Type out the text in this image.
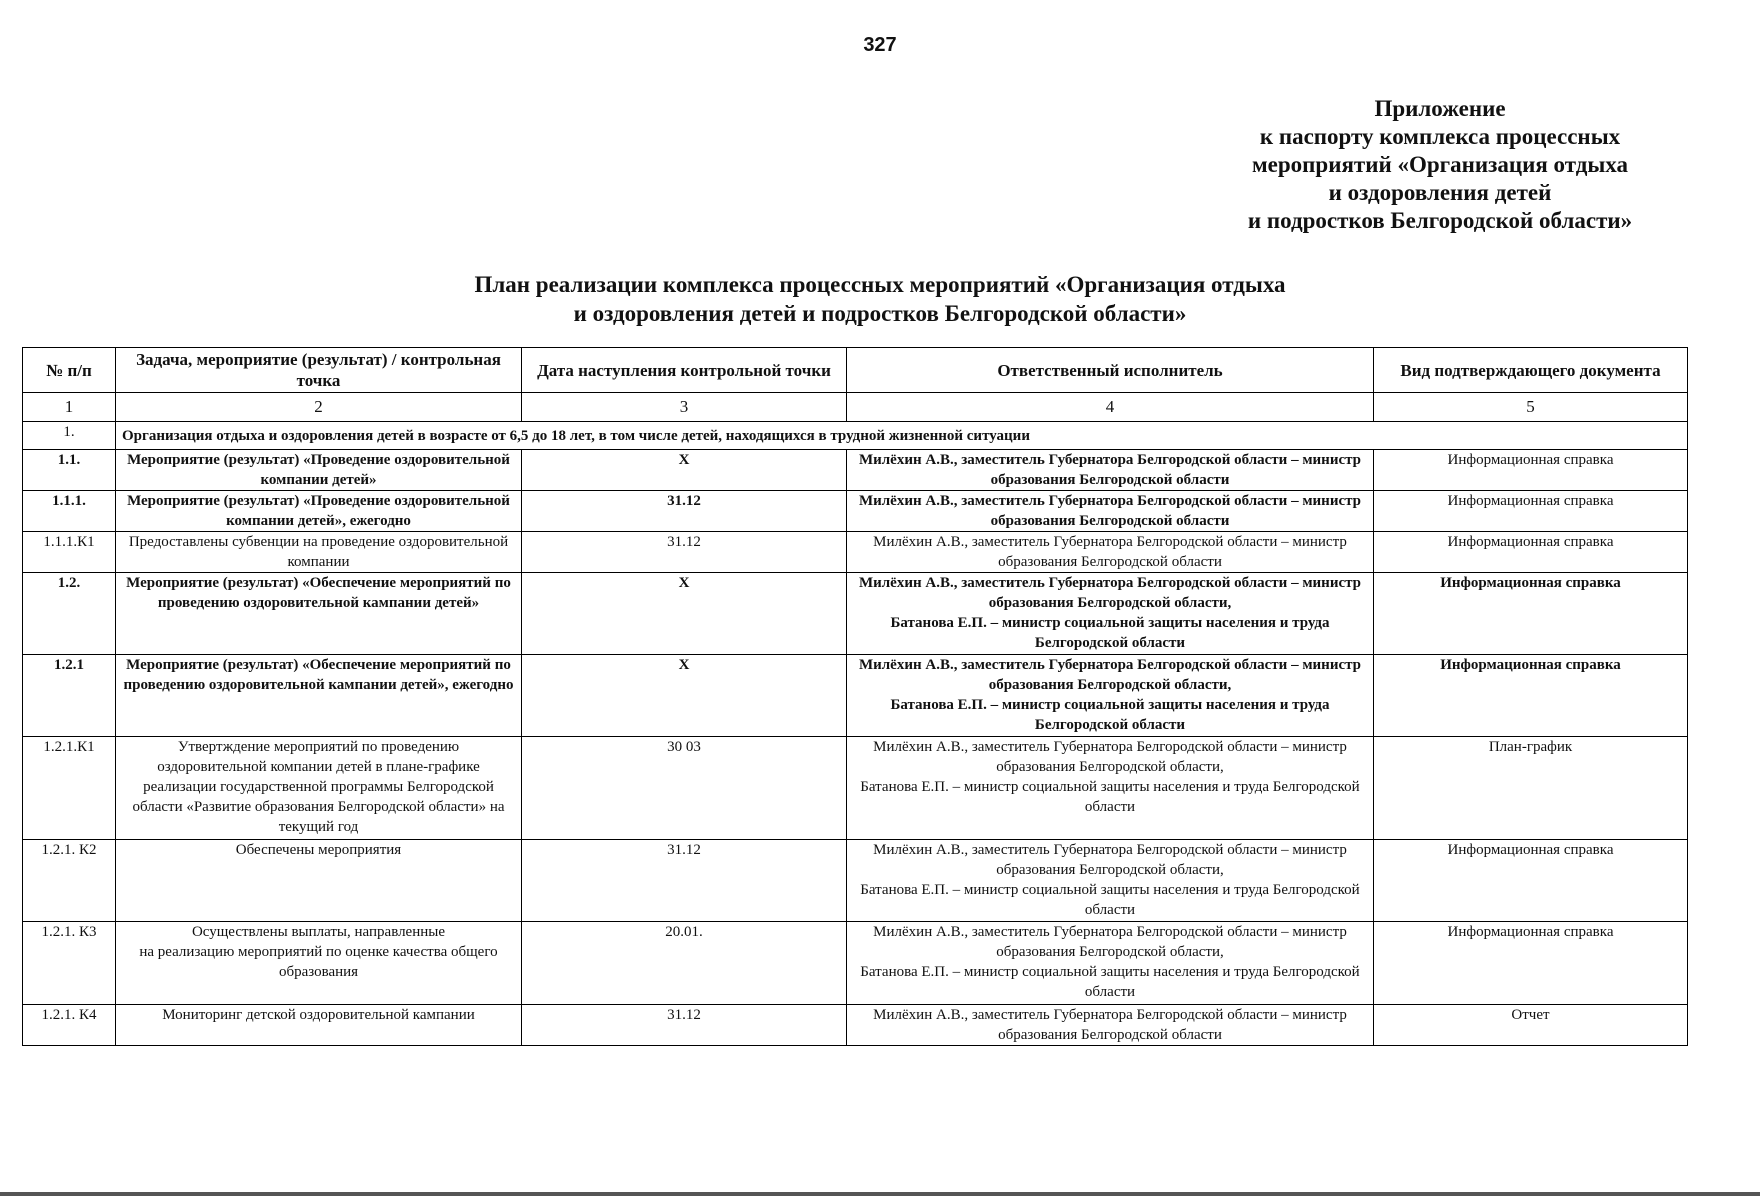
327
Приложение
к паспорту комплекса процессных
мероприятий «Организация отдыха
и оздоровления детей
и подростков Белгородской области»
План реализации комплекса процессных мероприятий «Организация отдыха
и оздоровления детей и подростков Белгородской области»
№ п/п	Задача, мероприятие (результат) / контрольная точка	Дата наступления контрольной точки	Ответственный исполнитель	Вид подтверждающего документа
1	2	3	4	5
1.	Организация отдыха и оздоровления детей в возрасте от 6,5 до 18 лет, в том числе детей, находящихся в трудной жизненной ситуации			
1.1.	Мероприятие (результат) «Проведение оздоровительной компании детей»	Х	Милёхин А.В., заместитель Губернатора Белгородской области – министр образования Белгородской области	Информационная справка
1.1.1.	Мероприятие (результат) «Проведение оздоровительной компании детей», ежегодно	31.12	Милёхин А.В., заместитель Губернатора Белгородской области – министр образования Белгородской области	Информационная справка
1.1.1.К1	Предоставлены субвенции на проведение оздоровительной компании	31.12	Милёхин А.В., заместитель Губернатора Белгородской области – министр образования Белгородской области	Информационная справка
1.2.	Мероприятие (результат) «Обеспечение мероприятий по проведению оздоровительной кампании детей»	Х	Милёхин А.В., заместитель Губернатора Белгородской области – министр образования Белгородской области,
Батанова Е.П. – министр социальной защиты населения и труда Белгородской области	Информационная справка
1.2.1	Мероприятие (результат) «Обеспечение мероприятий по проведению оздоровительной кампании детей», ежегодно	Х	Милёхин А.В., заместитель Губернатора Белгородской области – министр образования Белгородской области,
Батанова Е.П. – министр социальной защиты населения и труда Белгородской области	Информационная справка
1.2.1.К1	Утвертждение мероприятий по проведению оздоровительной компании детей в плане-графике реализации государственной программы Белгородской области «Развитие образования Белгородской области» на текущий год	30 03	Милёхин А.В., заместитель Губернатора Белгородской области – министр образования Белгородской области,
Батанова Е.П. – министр социальной защиты населения и труда Белгородской области	План-график
1.2.1. К2	Обеспечены мероприятия	31.12	Милёхин А.В., заместитель Губернатора Белгородской области – министр образования Белгородской области,
Батанова Е.П. – министр социальной защиты населения и труда Белгородской области	Информационная справка
1.2.1. К3	Осуществлены выплаты, направленные
на реализацию мероприятий по оценке качества общего образования	20.01.	Милёхин А.В., заместитель Губернатора Белгородской области – министр образования Белгородской области,
Батанова Е.П. – министр социальной защиты населения и труда Белгородской области	Информационная справка
1.2.1. К4	Мониторинг детской оздоровительной кампании	31.12	Милёхин А.В., заместитель Губернатора Белгородской области – министр образования Белгородской области	Отчет
